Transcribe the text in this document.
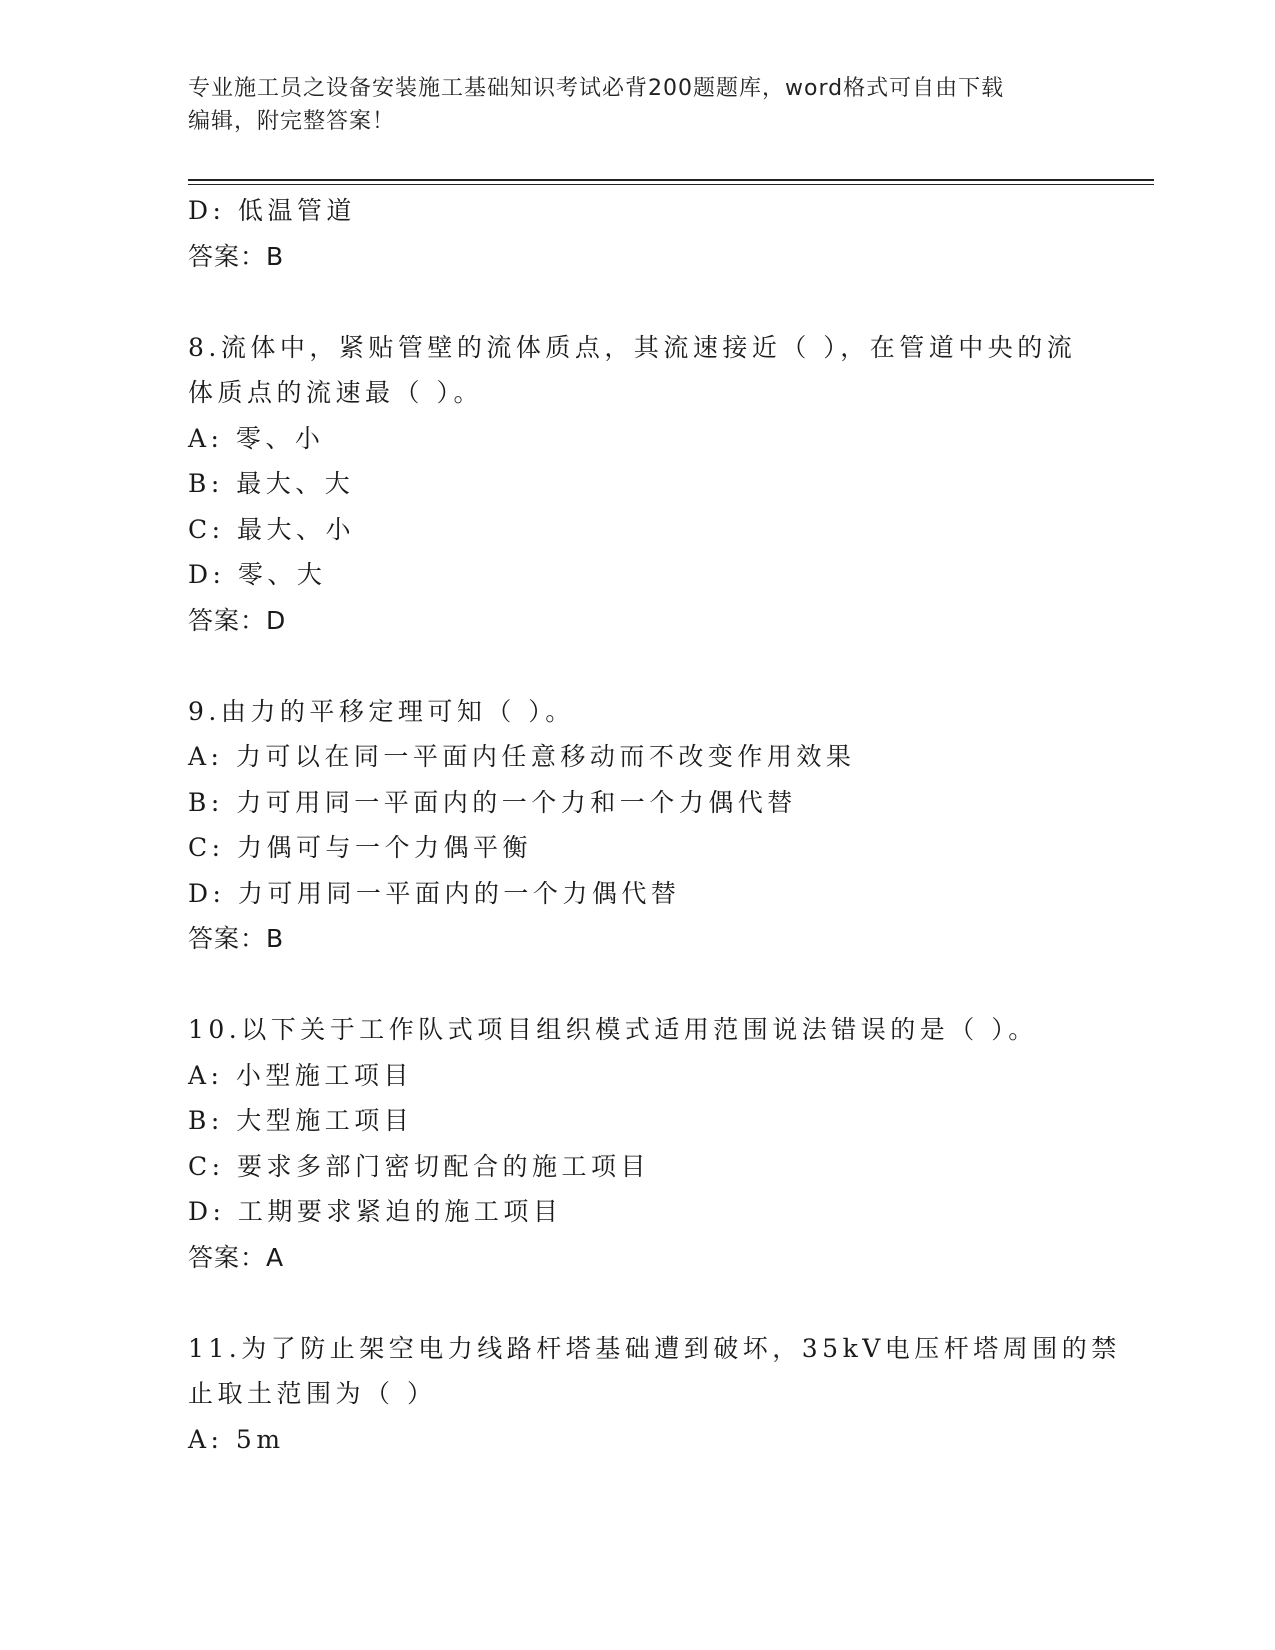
专业施工员之设备安装施工基础知识考试必背200题题库，word格式可自由下载
编辑，附完整答案！
D: 低温管道
答案：B
8.流体中，紧贴管壁的流体质点，其流速接近（ ），在管道中央的流
体质点的流速最（ ）。
A: 零、小
B: 最大、大
C: 最大、小
D: 零、大
答案：D
9.由力的平移定理可知（ ）。
A: 力可以在同一平面内任意移动而不改变作用效果
B: 力可用同一平面内的一个力和一个力偶代替
C: 力偶可与一个力偶平衡
D: 力可用同一平面内的一个力偶代替
答案：B
10.以下关于工作队式项目组织模式适用范围说法错误的是（ ）。
A: 小型施工项目
B: 大型施工项目
C: 要求多部门密切配合的施工项目
D: 工期要求紧迫的施工项目
答案：A
11.为了防止架空电力线路杆塔基础遭到破坏，35kV电压杆塔周围的禁
止取土范围为（ ）
A: 5m
